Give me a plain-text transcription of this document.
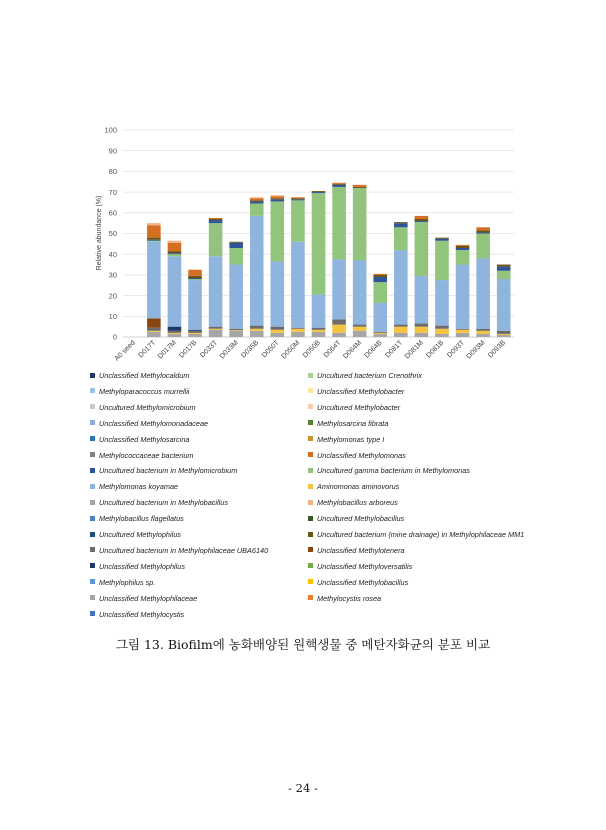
0
10
20
30
40
50
60
70
80
90
100
A0 seed D017T D017M D017B D033T D033M D035B D050T D050M D050B D064T D064M D064B D081T D081M D081B D093T D093M D093B
Relative abundance (%)
Unclassified Methylocaldum	Uncultured bacterium Crenothrix
Methyloparacoccus murrellii	Unclassified Methylobacter
Uncultured Methylomicrobium	Uncultured Methylobacter
Unclassified Methylomonadaceae	Methylosarcina fibrata
Unclassified Methylosarcina	Methylomonas type I
Methylococcaceae bacterium	Unclassified Methylomonas
Uncultured bacterium in Methylomicrobium	Uncultured gamma bacterium in Methylomonas
Methylomonas koyamae	Aminomonas aminovorus
Uncultured bacterium in Methylobacillus	Methylobacillus arboreus
Methylobacillus flagellatus	Uncultured Methylobacillus
Uncultured Methylophilus	Uncultured bacterium (mine drainage) in Methylophilaceae MM1
Uncultured bacterium in Methylophilaceae UBA6140	Unclassified Methylotenera
Unclassified Methylophilus	Unclassified Methyloversatilis
Methylophilus sp.	Unclassified Methylobacillus
Unclassified Methylophilaceae	Methylocystis rosea
Unclassified Methylocystis
그림 13. Biofilm에 농화배양된 원핵생물 중 메탄자화균의 분포 비교
- 24 -
